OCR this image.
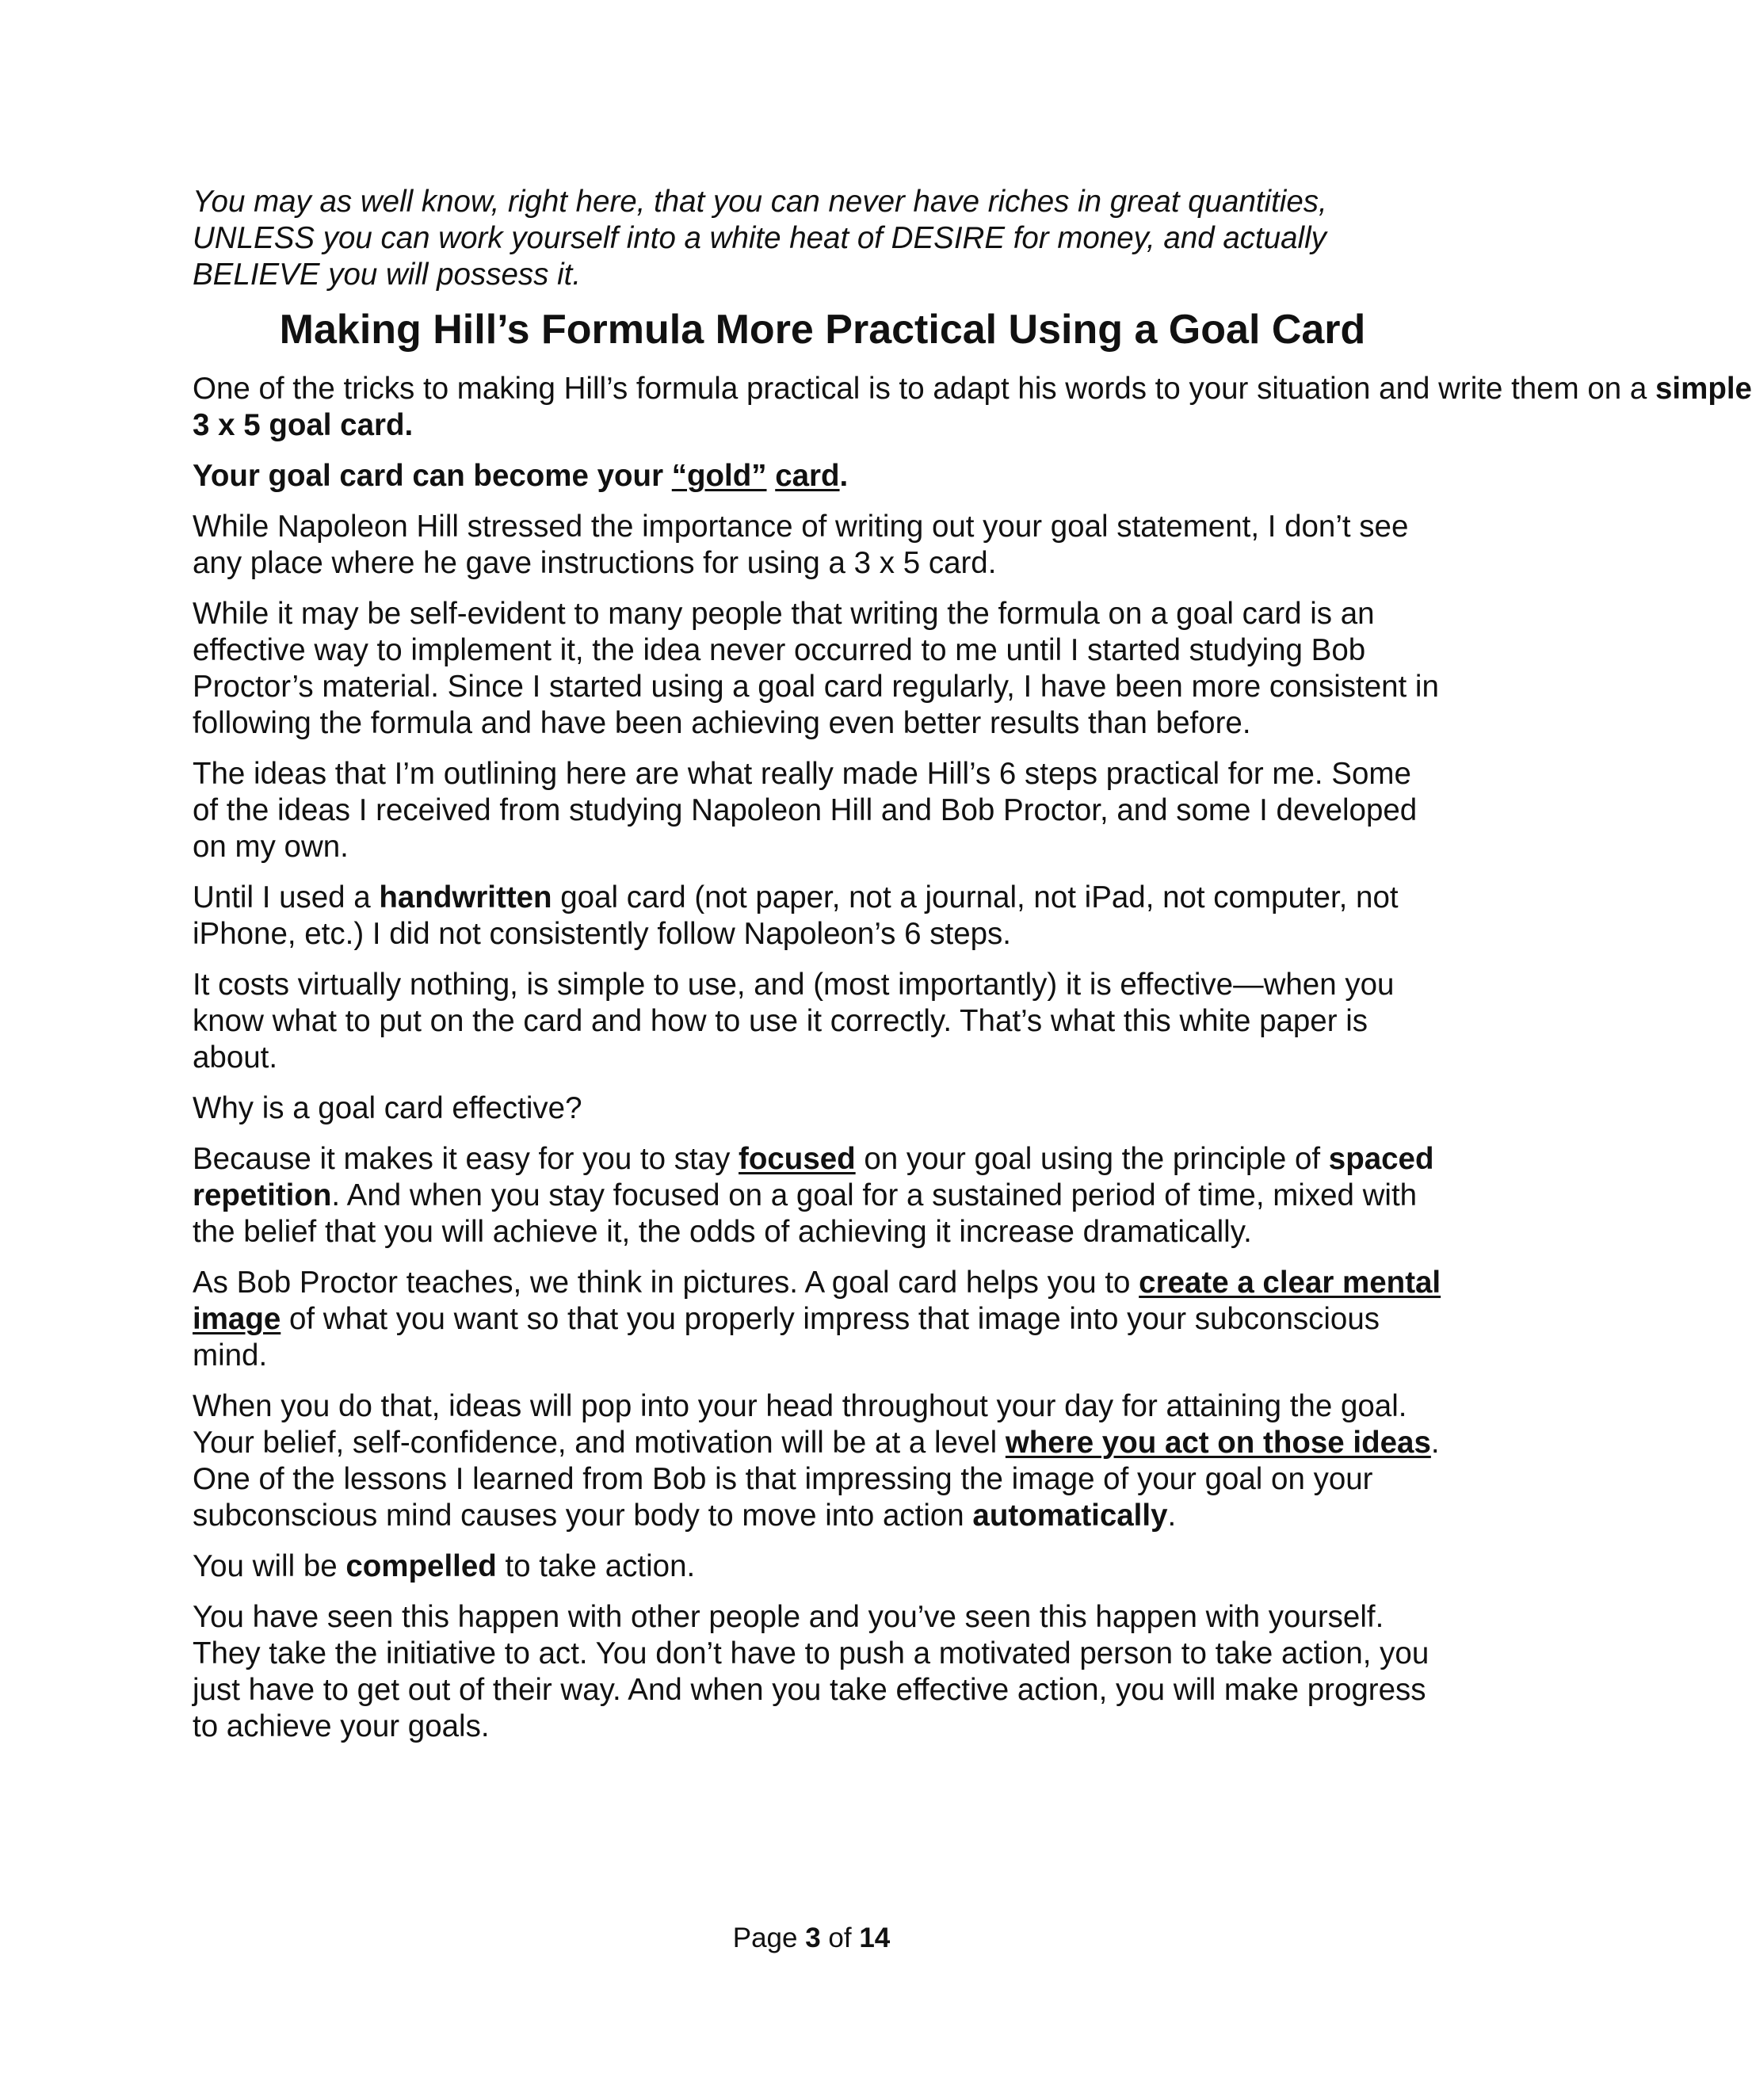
You may as well know, right here, that you can never have riches in great quantities, UNLESS you can work yourself into a white heat of DESIRE for money, and actually BELIEVE you will possess it.

Making Hill’s Formula More Practical Using a Goal Card

One of the tricks to making Hill’s formula practical is to adapt his words to your situation and write them on a simple 3 x 5 goal card.

Your goal card can become your “gold” card.

While Napoleon Hill stressed the importance of writing out your goal statement, I don’t see any place where he gave instructions for using a 3 x 5 card.

While it may be self-evident to many people that writing the formula on a goal card is an effective way to implement it, the idea never occurred to me until I started studying Bob Proctor’s material. Since I started using a goal card regularly, I have been more consistent in following the formula and have been achieving even better results than before.

The ideas that I’m outlining here are what really made Hill’s 6 steps practical for me. Some of the ideas I received from studying Napoleon Hill and Bob Proctor, and some I developed on my own.

Until I used a handwritten goal card (not paper, not a journal, not iPad, not computer, not iPhone, etc.) I did not consistently follow Napoleon’s 6 steps.

It costs virtually nothing, is simple to use, and (most importantly) it is effective—when you know what to put on the card and how to use it correctly. That’s what this white paper is about.

Why is a goal card effective?

Because it makes it easy for you to stay focused on your goal using the principle of spaced repetition. And when you stay focused on a goal for a sustained period of time, mixed with the belief that you will achieve it, the odds of achieving it increase dramatically.

As Bob Proctor teaches, we think in pictures. A goal card helps you to create a clear mental image of what you want so that you properly impress that image into your subconscious mind.

When you do that, ideas will pop into your head throughout your day for attaining the goal. Your belief, self-confidence, and motivation will be at a level where you act on those ideas. One of the lessons I learned from Bob is that impressing the image of your goal on your subconscious mind causes your body to move into action automatically.

You will be compelled to take action.

You have seen this happen with other people and you’ve seen this happen with yourself. They take the initiative to act. You don’t have to push a motivated person to take action, you just have to get out of their way. And when you take effective action, you will make progress to achieve your goals.

Page 3 of 14
